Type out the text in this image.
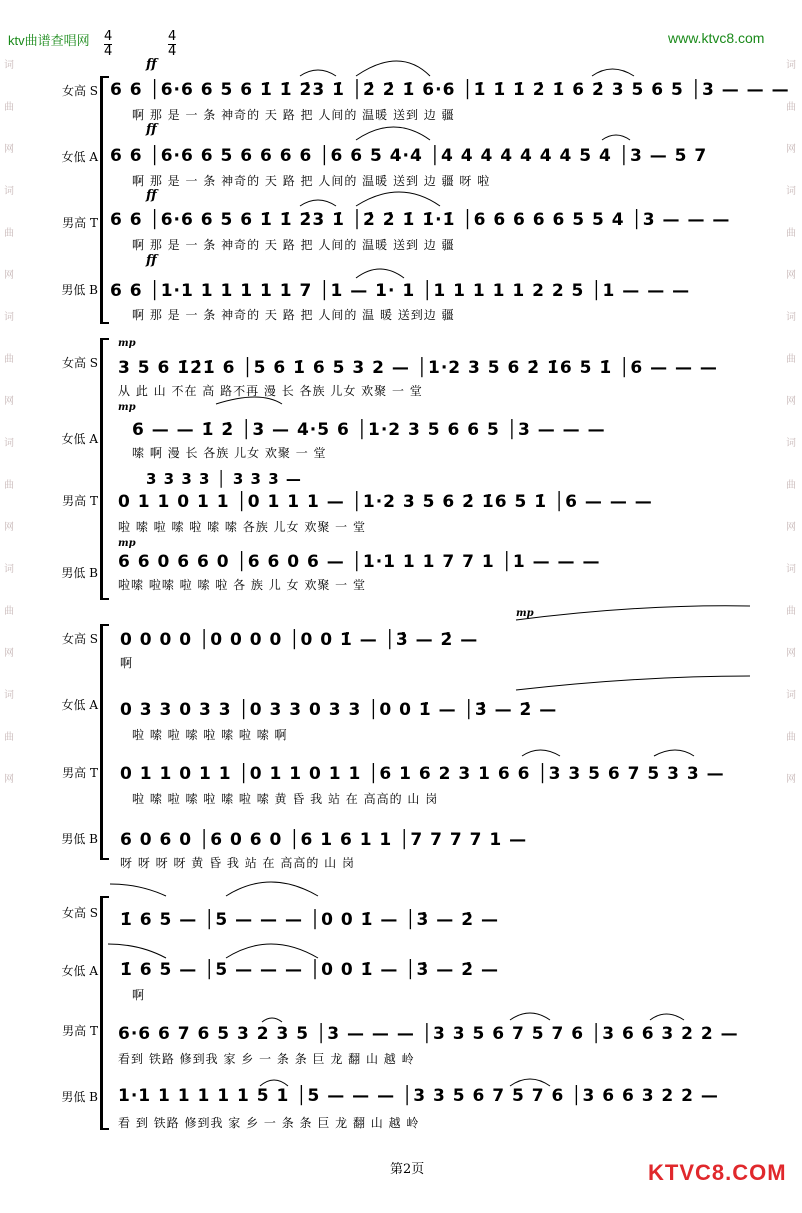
ktv曲谱查唱网	www.ktvc8.com
词
曲
网
词
曲
网
词
曲
网
词
曲
网
词
曲
网
词
曲
网
词
曲
网
词
曲
网
词
曲
网
词
曲
网
词
曲
网
词
曲
网
4
4
4
4
女高 S
女低 A
男高 T
男低 B
ff
ff
ff
ff
6 6 │6·6 6 5 6 1̇ 1̇ 2̇3 1̇ │2̇ 2̇ 1̇ 6·6 │1̇ 1̇ 1̇ 2̇ 1̇ 6 2̇ 3 5 6 5 │3 — — —
啊 那 是 一 条 神奇的 天 路 把 人间的 温暖 送到 边 疆
6 6 │6·6 6 5 6 6 6 6 │6 6 5 4·4 │4 4 4 4 4 4 4 5 4 │3 — 5 7
啊 那 是 一 条 神奇的 天 路 把 人间的 温暖 送到 边 疆 呀 啦
6 6 │6·6 6 5 6 1̇ 1̇ 2̇3 1̇ │2̇ 2̇ 1̇ 1̇·1̇ │6 6 6 6 6 5 5 4 │3 — — —
啊 那 是 一 条 神奇的 天 路 把 人间的 温暖 送到 边 疆
6 6 │1·1 1 1 1 1 1 7 │1 — 1· 1 │1 1 1 1 1 2 2 5 │1 — — —
啊 那 是 一 条 神奇的 天 路 把 人间的 温 暖 送到边 疆
女高 S
女低 A
男高 T
男低 B
mp
mp
mp
3 5 6 1̇2̇1̇ 6 │5 6 1̇ 6 5 3 2 — │1·2 3 5 6 2̇ 1̇6 5 1̇ │6 — — —
从 此 山 不在 高 路不再 漫 长 各族 儿女 欢聚 一 堂
6 — — 1̇ 2̇ │3 — 4·5 6 │1·2 3 5 6 6 5 │3 — — —
嗦 啊 漫 长 各族 儿女 欢聚 一 堂
3 3 3 3 │ 3 3 3 —
0 1 1 0 1 1 │0 1 1 1 — │1·2 3 5 6 2̇ 1̇6 5 1̇ │6 — — —
啦 嗦 啦 嗦 啦 嗦 嗦 各族 儿女 欢聚 一 堂
6 6 0 6 6 0 │6 6 0 6 — │1·1 1 1 7 7 1 │1 — — —
啦嗦 啦嗦 啦 嗦 啦 各 族 儿 女 欢聚 一 堂
女高 S
女低 A
男高 T
男低 B
mp
0 0 0 0 │0 0 0 0 │0 0 1̇ — │3̇ — 2̇ —
啊
0 3 3 0 3 3 │0 3 3 0 3 3 │0 0 1̇ — │3̇ — 2̇ —
啦 嗦 啦 嗦 啦 嗦 啦 嗦 啊
0 1 1 0 1 1 │0 1 1 0 1 1 │6 1 6 2 3 1 6 6 │3 3 5 6 7 5 3 3 —
啦 嗦 啦 嗦 啦 嗦 啦 嗦 黄 昏 我 站 在 高高的 山 岗
6 0 6 0 │6 0 6 0 │6 1 6 1 1 │7 7 7 7 1 —
呀 呀 呀 呀 黄 昏 我 站 在 高高的 山 岗
女高 S
女低 A
男高 T
男低 B
1̇ 6 5 — │5 — — — │0 0 1̇ — │3̇ — 2̇ —
1̇ 6 5 — │5 — — — │0 0 1̇ — │3̇ — 2̇ —
啊
6·6 6 7 6 5 3 2 3 5 │3 — — — │3 3 5 6 7 5 7 6 │3 6 6 3 2 2 —
看到 铁路 修到我 家 乡 一 条 条 巨 龙 翻 山 越 岭
1·1 1 1 1 1 1 5 1 │5 — — — │3 3 5 6 7 5 7 6 │3 6 6 3 2 2 —
看 到 铁路 修到我 家 乡 一 条 条 巨 龙 翻 山 越 岭
第2页	KTVC8.COM
